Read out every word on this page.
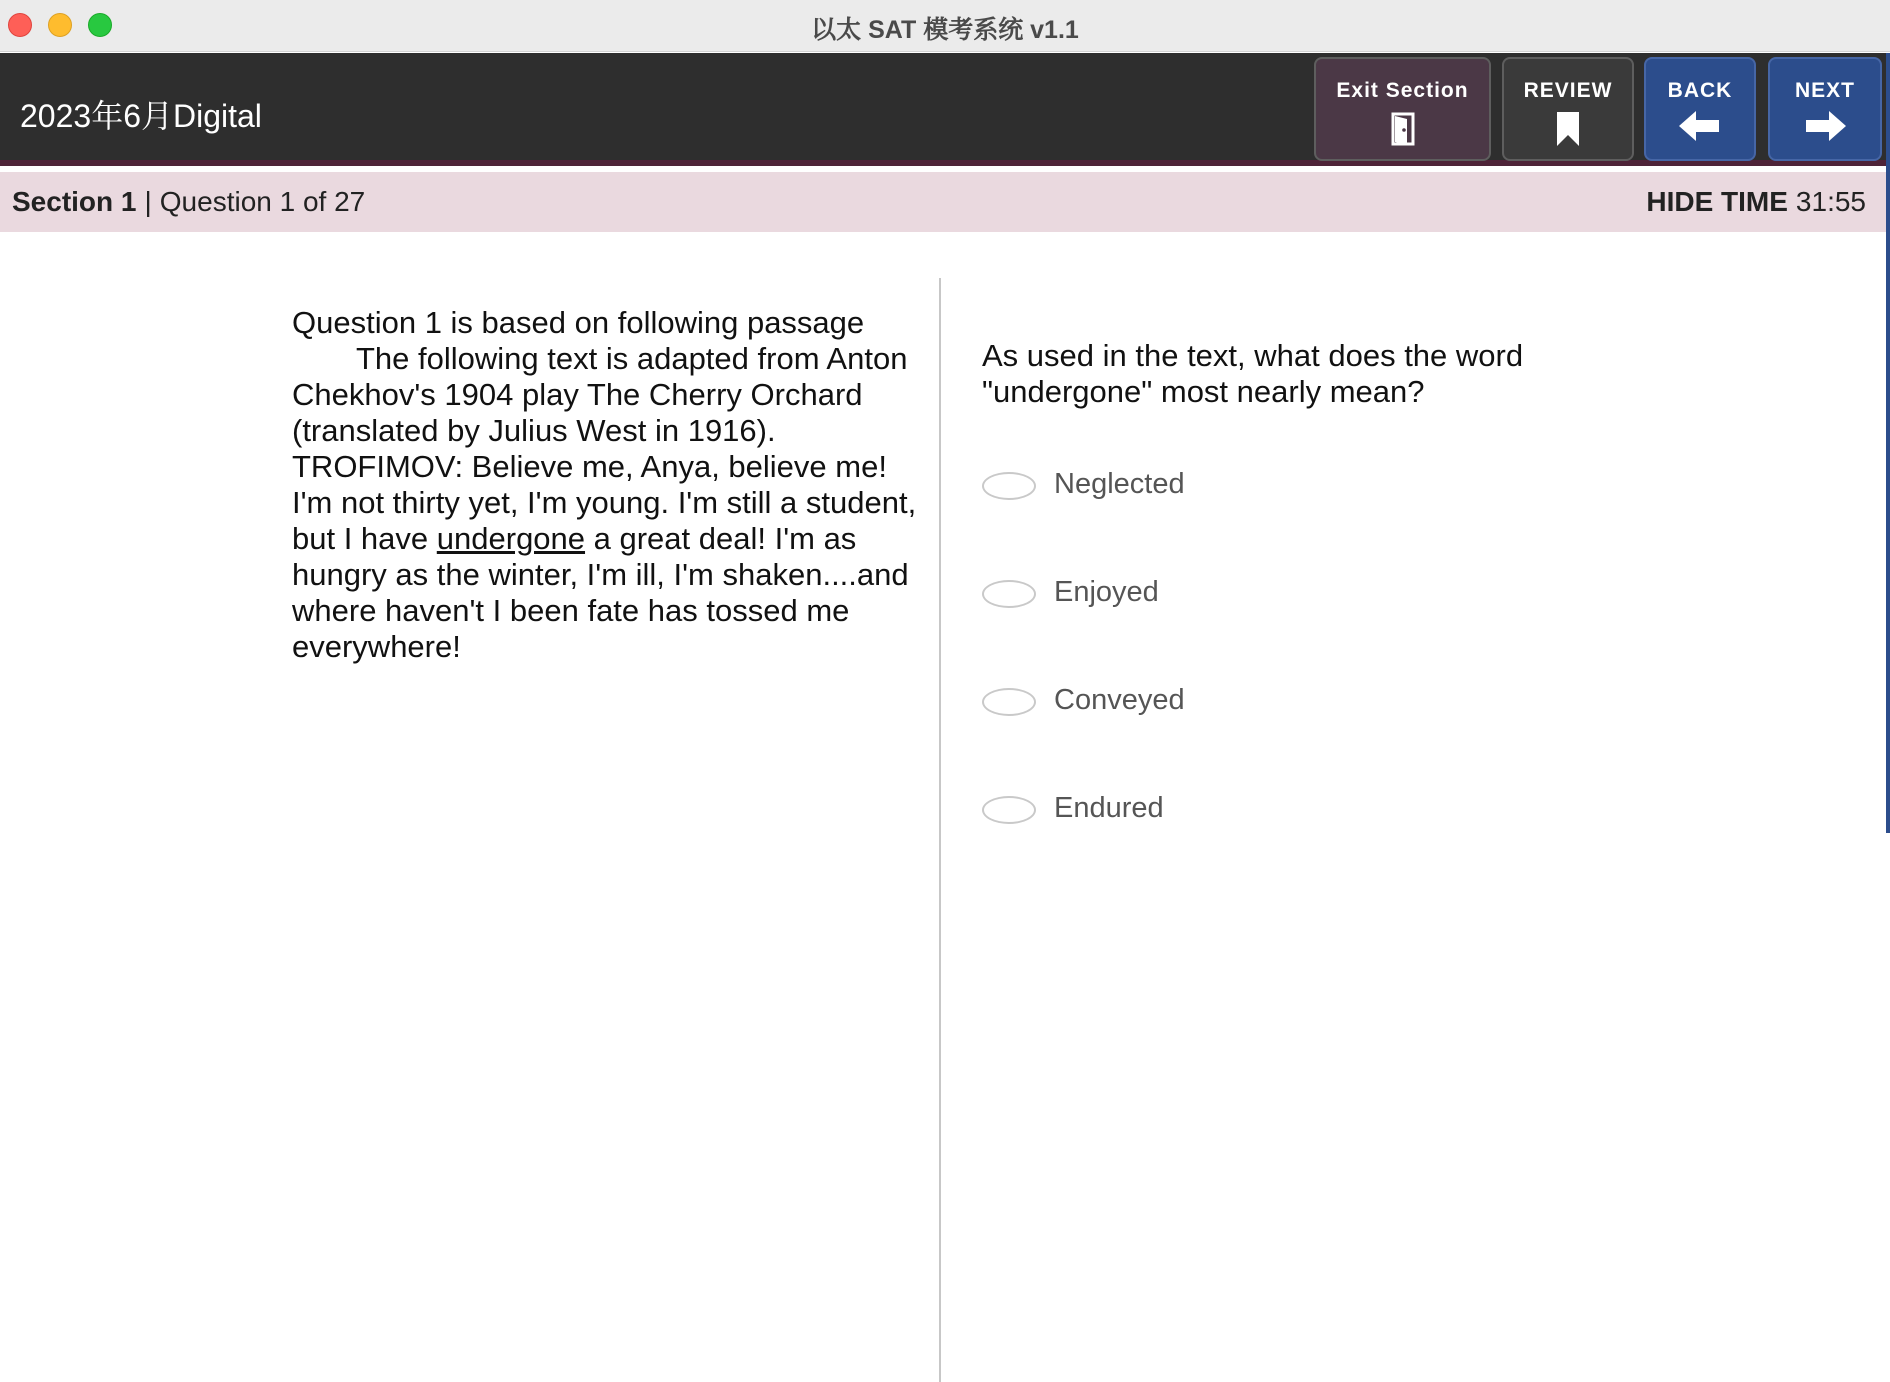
以太 SAT 模考系统 v1.1
2023年6月Digital
Exit Section	REVIEW	BACK	NEXT
Section 1 | Question 1 of 27	HIDE TIME 31:55

Question 1 is based on following passage

The following text is adapted from Anton Chekhov's 1904 play The Cherry Orchard (translated by Julius West in 1916).

TROFIMOV: Believe me, Anya, believe me! I'm not thirty yet, I'm young. I'm still a student, but I have undergone a great deal! I'm as hungry as the winter, I'm ill, I'm shaken....and where haven't I been fate has tossed me everywhere!

As used in the text, what does the word "undergone" most nearly mean?
Neglected
Enjoyed
Conveyed
Endured
